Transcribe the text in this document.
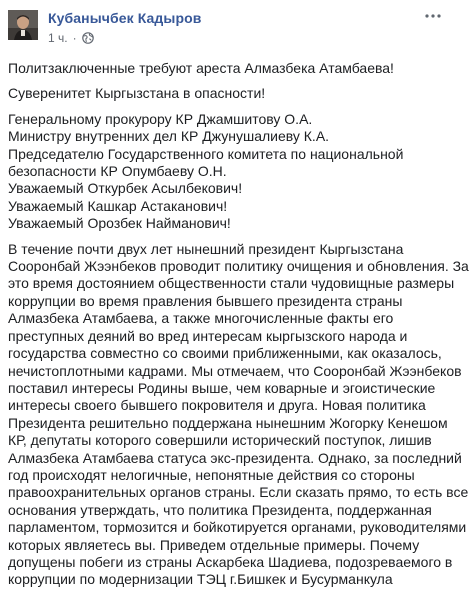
Кубанычбек Кадыров
1 ч. ·

Политзаключенные требуют ареста Алмазбека Атамбаева!

Суверенитет Кыргызстана в опасности!

Генеральному прокурору КР Джамшитову О.А.
Министру внутренних дел КР Джунушалиеву К.А.
Председателю Государственного комитета по национальной
безопасности КР Опумбаеву О.Н.
Уважаемый Откурбек Асылбекович!
Уважаемый Кашкар Астаканович!
Уважаемый Орозбек Найманович!

В течение почти двух лет нынешний президент Кыргызстана
Сооронбай Жээнбеков проводит политику очищения и обновления. За
это время достоянием общественности стали чудовищные размеры
коррупции во время правления бывшего президента страны
Алмазбека Атамбаева, а также многочисленные факты его
преступных деяний во вред интересам кыргызского народа и
государства совместно со своими приближенными, как оказалось,
нечистоплотными кадрами. Мы отмечаем, что Сооронбай Жээнбеков
поставил интересы Родины выше, чем коварные и эгоистические
интересы своего бывшего покровителя и друга. Новая политика
Президента решительно поддержана нынешним Жогорку Кенешом
КР, депутаты которого совершили исторический поступок, лишив
Алмазбека Атамбаева статуса экс-президента. Однако, за последний
год происходят нелогичные, непонятные действия со стороны
правоохранительных органов страны. Если сказать прямо, то есть все
основания утверждать, что политика Президента, поддержанная
парламентом, тормозится и бойкотируется органами, руководителями
которых являетесь вы. Приведем отдельные примеры. Почему
допущены побеги из страны Аскарбека Шадиева, подозреваемого в
коррупции по модернизации ТЭЦ г.Бишкек и Бусурманкула
